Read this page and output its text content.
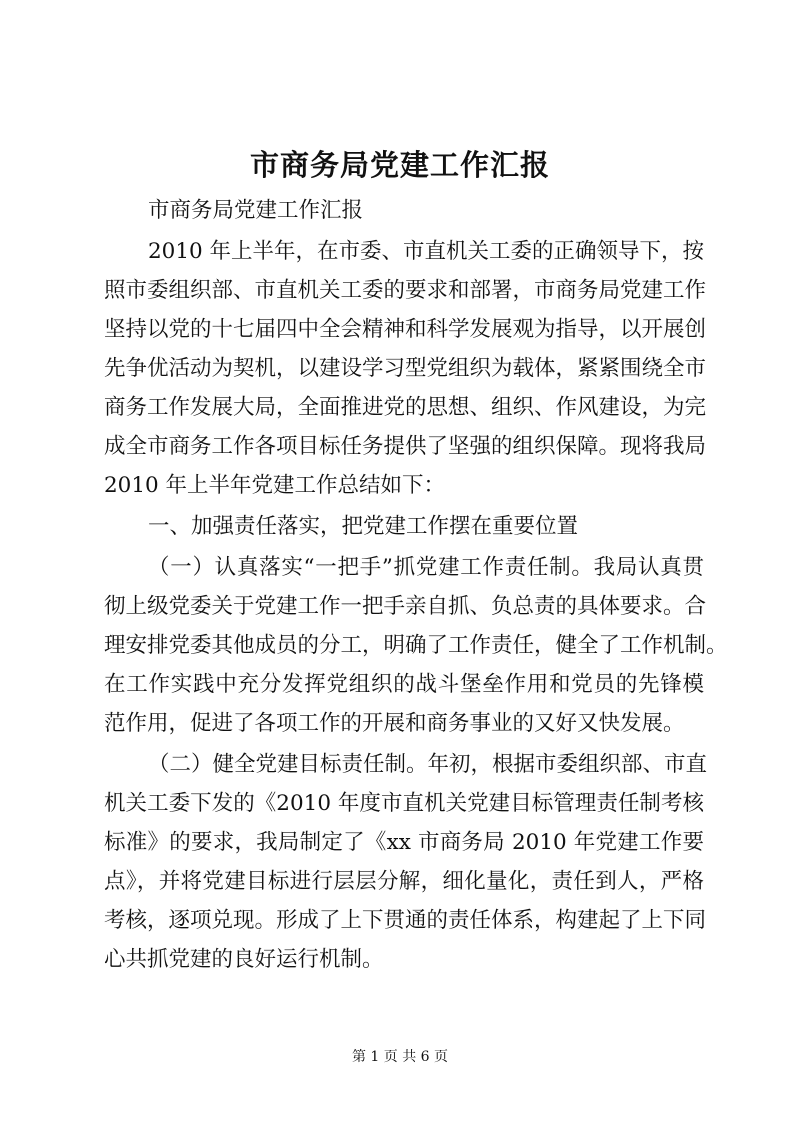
市商务局党建工作汇报

市商务局党建工作汇报

2010 年上半年，在市委、市直机关工委的正确领导下，按

照市委组织部、市直机关工委的要求和部署，市商务局党建工作

坚持以党的十七届四中全会精神和科学发展观为指导，以开展创

先争优活动为契机，以建设学习型党组织为载体，紧紧围绕全市

商务工作发展大局，全面推进党的思想、组织、作风建设，为完

成全市商务工作各项目标任务提供了坚强的组织保障。现将我局

2010 年上半年党建工作总结如下：

一、加强责任落实，把党建工作摆在重要位置

（一）认真落实“一把手”抓党建工作责任制。我局认真贯

彻上级党委关于党建工作一把手亲自抓、负总责的具体要求。合

理安排党委其他成员的分工，明确了工作责任，健全了工作机制。

在工作实践中充分发挥党组织的战斗堡垒作用和党员的先锋模

范作用，促进了各项工作的开展和商务事业的又好又快发展。

（二）健全党建目标责任制。年初，根据市委组织部、市直

机关工委下发的《2010 年度市直机关党建目标管理责任制考核

标准》的要求，我局制定了《xx 市商务局 2010 年党建工作要

点》，并将党建目标进行层层分解，细化量化，责任到人，严格

考核，逐项兑现。形成了上下贯通的责任体系，构建起了上下同

心共抓党建的良好运行机制。

第 1 页 共 6 页
